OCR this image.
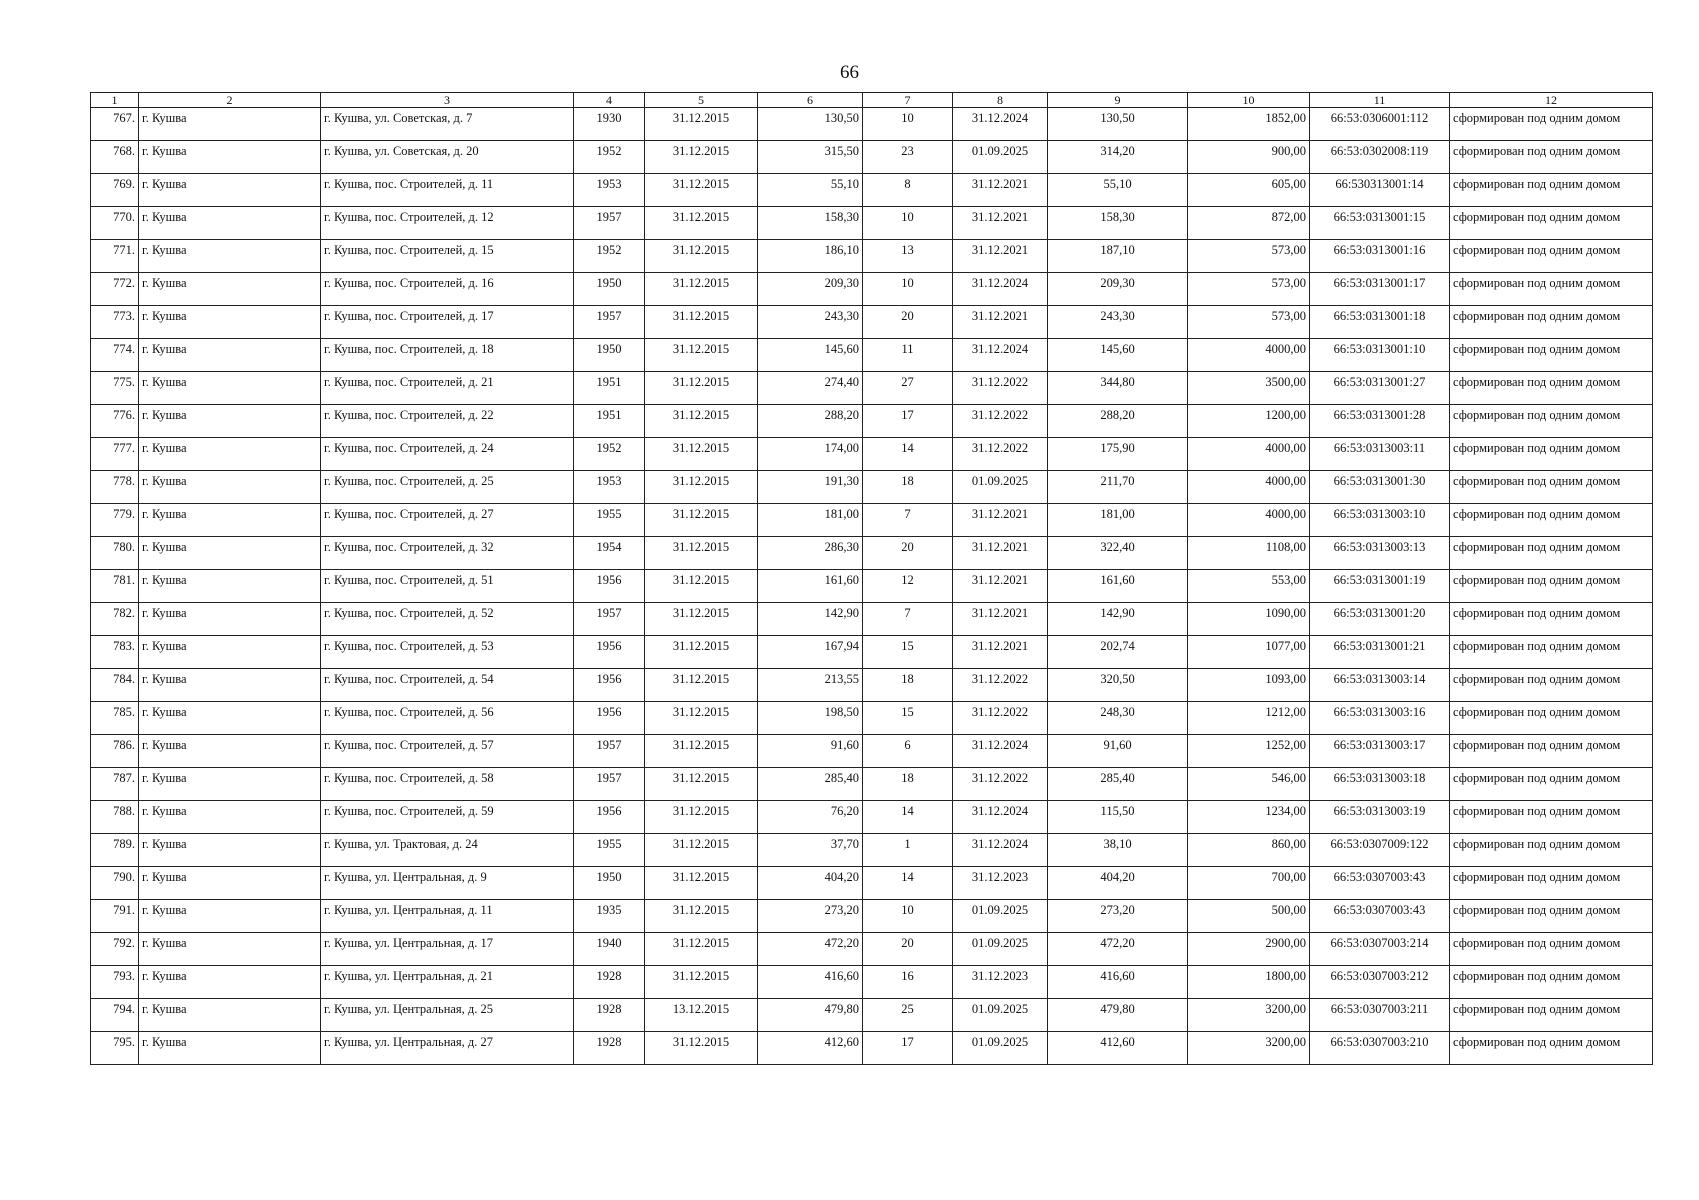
66
1	2	3	4	5	6	7	8	9	10	11	12
767.	г. Кушва	г. Кушва, ул. Советская, д. 7	1930	31.12.2015	130,50	10	31.12.2024	130,50	1852,00	66:53:0306001:112	сформирован под одним домом
768.	г. Кушва	г. Кушва, ул. Советская, д. 20	1952	31.12.2015	315,50	23	01.09.2025	314,20	900,00	66:53:0302008:119	сформирован под одним домом
769.	г. Кушва	г. Кушва, пос. Строителей, д. 11	1953	31.12.2015	55,10	8	31.12.2021	55,10	605,00	66:530313001:14	сформирован под одним домом
770.	г. Кушва	г. Кушва, пос. Строителей, д. 12	1957	31.12.2015	158,30	10	31.12.2021	158,30	872,00	66:53:0313001:15	сформирован под одним домом
771.	г. Кушва	г. Кушва, пос. Строителей, д. 15	1952	31.12.2015	186,10	13	31.12.2021	187,10	573,00	66:53:0313001:16	сформирован под одним домом
772.	г. Кушва	г. Кушва, пос. Строителей, д. 16	1950	31.12.2015	209,30	10	31.12.2024	209,30	573,00	66:53:0313001:17	сформирован под одним домом
773.	г. Кушва	г. Кушва, пос. Строителей, д. 17	1957	31.12.2015	243,30	20	31.12.2021	243,30	573,00	66:53:0313001:18	сформирован под одним домом
774.	г. Кушва	г. Кушва, пос. Строителей, д. 18	1950	31.12.2015	145,60	11	31.12.2024	145,60	4000,00	66:53:0313001:10	сформирован под одним домом
775.	г. Кушва	г. Кушва, пос. Строителей, д. 21	1951	31.12.2015	274,40	27	31.12.2022	344,80	3500,00	66:53:0313001:27	сформирован под одним домом
776.	г. Кушва	г. Кушва, пос. Строителей, д. 22	1951	31.12.2015	288,20	17	31.12.2022	288,20	1200,00	66:53:0313001:28	сформирован под одним домом
777.	г. Кушва	г. Кушва, пос. Строителей, д. 24	1952	31.12.2015	174,00	14	31.12.2022	175,90	4000,00	66:53:0313003:11	сформирован под одним домом
778.	г. Кушва	г. Кушва, пос. Строителей, д. 25	1953	31.12.2015	191,30	18	01.09.2025	211,70	4000,00	66:53:0313001:30	сформирован под одним домом
779.	г. Кушва	г. Кушва, пос. Строителей, д. 27	1955	31.12.2015	181,00	7	31.12.2021	181,00	4000,00	66:53:0313003:10	сформирован под одним домом
780.	г. Кушва	г. Кушва, пос. Строителей, д. 32	1954	31.12.2015	286,30	20	31.12.2021	322,40	1108,00	66:53:0313003:13	сформирован под одним домом
781.	г. Кушва	г. Кушва, пос. Строителей, д. 51	1956	31.12.2015	161,60	12	31.12.2021	161,60	553,00	66:53:0313001:19	сформирован под одним домом
782.	г. Кушва	г. Кушва, пос. Строителей, д. 52	1957	31.12.2015	142,90	7	31.12.2021	142,90	1090,00	66:53:0313001:20	сформирован под одним домом
783.	г. Кушва	г. Кушва, пос. Строителей, д. 53	1956	31.12.2015	167,94	15	31.12.2021	202,74	1077,00	66:53:0313001:21	сформирован под одним домом
784.	г. Кушва	г. Кушва, пос. Строителей, д. 54	1956	31.12.2015	213,55	18	31.12.2022	320,50	1093,00	66:53:0313003:14	сформирован под одним домом
785.	г. Кушва	г. Кушва, пос. Строителей, д. 56	1956	31.12.2015	198,50	15	31.12.2022	248,30	1212,00	66:53:0313003:16	сформирован под одним домом
786.	г. Кушва	г. Кушва, пос. Строителей, д. 57	1957	31.12.2015	91,60	6	31.12.2024	91,60	1252,00	66:53:0313003:17	сформирован под одним домом
787.	г. Кушва	г. Кушва, пос. Строителей, д. 58	1957	31.12.2015	285,40	18	31.12.2022	285,40	546,00	66:53:0313003:18	сформирован под одним домом
788.	г. Кушва	г. Кушва, пос. Строителей, д. 59	1956	31.12.2015	76,20	14	31.12.2024	115,50	1234,00	66:53:0313003:19	сформирован под одним домом
789.	г. Кушва	г. Кушва, ул. Трактовая, д. 24	1955	31.12.2015	37,70	1	31.12.2024	38,10	860,00	66:53:0307009:122	сформирован под одним домом
790.	г. Кушва	г. Кушва, ул. Центральная, д. 9	1950	31.12.2015	404,20	14	31.12.2023	404,20	700,00	66:53:0307003:43	сформирован под одним домом
791.	г. Кушва	г. Кушва, ул. Центральная, д. 11	1935	31.12.2015	273,20	10	01.09.2025	273,20	500,00	66:53:0307003:43	сформирован под одним домом
792.	г. Кушва	г. Кушва, ул. Центральная, д. 17	1940	31.12.2015	472,20	20	01.09.2025	472,20	2900,00	66:53:0307003:214	сформирован под одним домом
793.	г. Кушва	г. Кушва, ул. Центральная, д. 21	1928	31.12.2015	416,60	16	31.12.2023	416,60	1800,00	66:53:0307003:212	сформирован под одним домом
794.	г. Кушва	г. Кушва, ул. Центральная, д. 25	1928	13.12.2015	479,80	25	01.09.2025	479,80	3200,00	66:53:0307003:211	сформирован под одним домом
795.	г. Кушва	г. Кушва, ул. Центральная, д. 27	1928	31.12.2015	412,60	17	01.09.2025	412,60	3200,00	66:53:0307003:210	сформирован под одним домом
